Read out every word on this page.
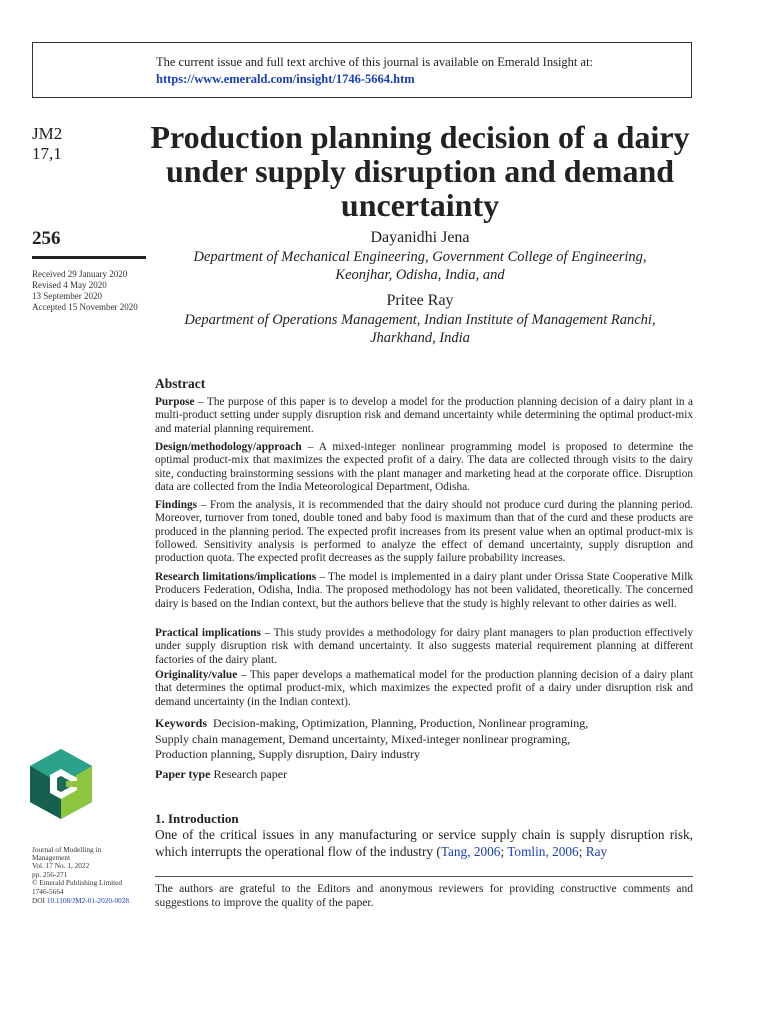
The current issue and full text archive of this journal is available on Emerald Insight at:
https://www.emerald.com/insight/1746-5664.htm
JM2
17,1
256
Received 29 January 2020
Revised 4 May 2020
13 September 2020
Accepted 15 November 2020
Journal of Modelling in
Management
Vol. 17 No. 1, 2022
pp. 256-271
© Emerald Publishing Limited
1746-5664
DOI 10.1108/JM2-01-2020-0028
Production planning decision of a dairy under supply disruption and demand uncertainty
Dayanidhi Jena
Department of Mechanical Engineering, Government College of Engineering,
Keonjhar, Odisha, India, and
Pritee Ray
Department of Operations Management, Indian Institute of Management Ranchi,
Jharkhand, India
Abstract
Purpose – The purpose of this paper is to develop a model for the production planning decision of a dairy plant in a multi-product setting under supply disruption risk and demand uncertainty while determining the optimal product-mix and material planning requirement.
Design/methodology/approach – A mixed-integer nonlinear programming model is proposed to determine the optimal product-mix that maximizes the expected profit of a dairy. The data are collected through visits to the dairy site, conducting brainstorming sessions with the plant manager and marketing head at the corporate office. Disruption data are collected from the India Meteorological Department, Odisha.
Findings – From the analysis, it is recommended that the dairy should not produce curd during the planning period. Moreover, turnover from toned, double toned and baby food is maximum than that of the curd and these products are produced in the planning period. The expected profit increases from its present value when an optimal product-mix is followed. Sensitivity analysis is performed to analyze the effect of demand uncertainty, supply disruption and production quota. The expected profit decreases as the supply failure probability increases.
Research limitations/implications – The model is implemented in a dairy plant under Orissa State Cooperative Milk Producers Federation, Odisha, India. The proposed methodology has not been validated, theoretically. The concerned dairy is based on the Indian context, but the authors believe that the study is highly relevant to other dairies as well.
Practical implications – This study provides a methodology for dairy plant managers to plan production effectively under supply disruption risk with demand uncertainty. It also suggests material requirement planning at different factories of the dairy plant.
Originality/value – This paper develops a mathematical model for the production planning decision of a dairy plant that determines the optimal product-mix, which maximizes the expected profit of a dairy under disruption risk and demand uncertainty (in the Indian context).
Keywords Decision-making, Optimization, Planning, Production, Nonlinear programing,
Supply chain management, Demand uncertainty, Mixed-integer nonlinear programing,
Production planning, Supply disruption, Dairy industry
Paper type Research paper
1. Introduction
One of the critical issues in any manufacturing or service supply chain is supply disruption risk, which interrupts the operational flow of the industry (Tang, 2006; Tomlin, 2006; Ray
The authors are grateful to the Editors and anonymous reviewers for providing constructive comments and suggestions to improve the quality of the paper.
